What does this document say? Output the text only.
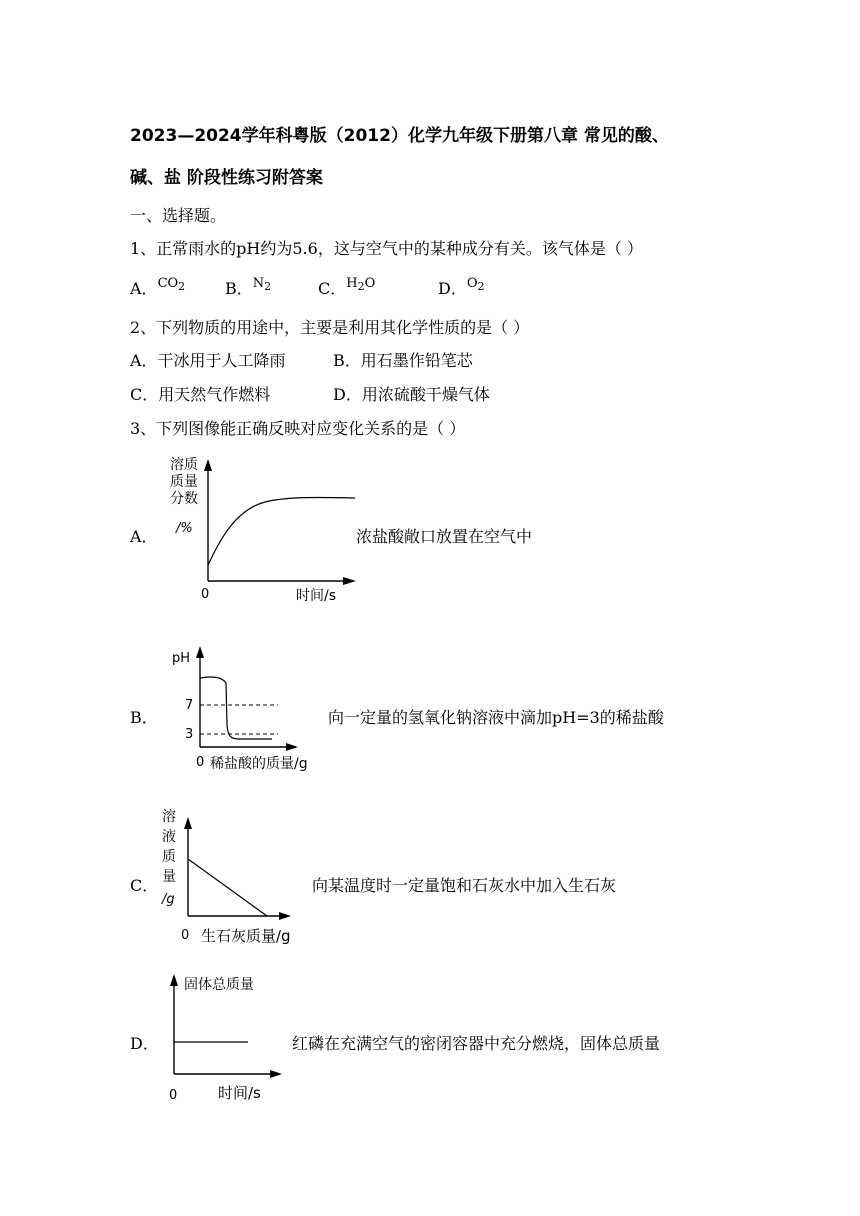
2023—2024学年科粤版（2012）化学九年级下册第八章 常见的酸、
碱、盐 阶段性练习附答案
一、选择题。
1、正常雨水的pH约为5.6，这与空气中的某种成分有关。该气体是（ ）
A．$^{CO_2}$ B．$^{N_2}$	C．$^{H_2O}$	D．$^{O_2}$
2、下列物质的用途中，主要是利用其化学性质的是（ ）
A．干冰用于人工降雨	B．用石墨作铅笔芯
C．用天然气作燃料	D．用浓硫酸干燥气体
3、下列图像能正确反映对应变化关系的是（ ）
A．
溶质
质量
分数
/%
0	时间/s
浓盐酸敞口放置在空气中
B．
pH
7
3
0 稀盐酸的质量/g
向一定量的氢氧化钠溶液中滴加pH=3的稀盐酸
C．
溶
液
质
量
/g
0 生石灰质量/g
向某温度时一定量饱和石灰水中加入生石灰
D．
固体总质量
0	时间/s
红磷在充满空气的密闭容器中充分燃烧，固体总质量
